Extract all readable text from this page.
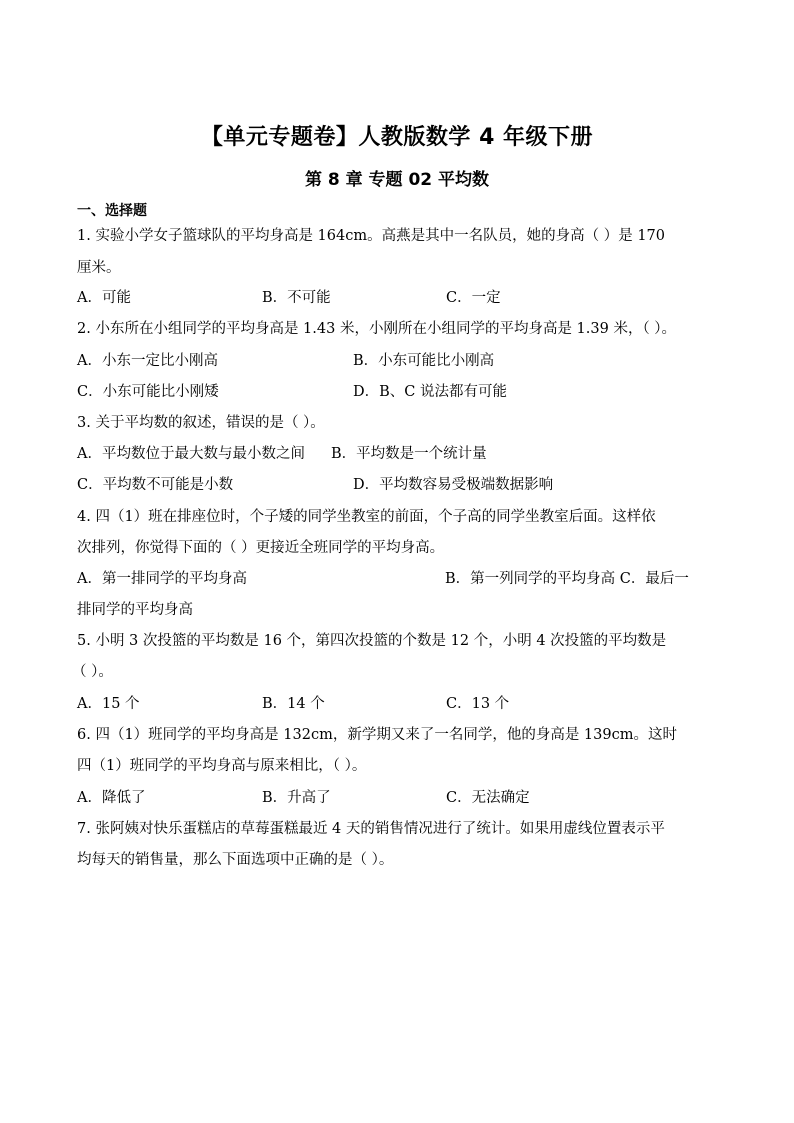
【单元专题卷】人教版数学 4 年级下册
第 8 章 专题 02 平均数
一、选择题
1. 实验小学女子篮球队的平均身高是 164cm。高燕是其中一名队员，她的身高（ ）是 170
厘米。
A．可能	B．不可能	C．一定
2. 小东所在小组同学的平均身高是 1.43 米，小刚所在小组同学的平均身高是 1.39 米，（ ）。
A．小东一定比小刚高	B．小东可能比小刚高
C．小东可能比小刚矮	D．B、C 说法都有可能
3. 关于平均数的叙述，错误的是（ ）。
A．平均数位于最大数与最小数之间 B．平均数是一个统计量
C．平均数不可能是小数	D．平均数容易受极端数据影响
4. 四（1）班在排座位时，个子矮的同学坐教室的前面，个子高的同学坐教室后面。这样依
次排列，你觉得下面的（ ）更接近全班同学的平均身高。
A．第一排同学的平均身高	B．第一列同学的平均身高 C．最后一
排同学的平均身高
5. 小明 3 次投篮的平均数是 16 个，第四次投篮的个数是 12 个，小明 4 次投篮的平均数是
（ ）。
A．15 个	B．14 个	C．13 个
6. 四（1）班同学的平均身高是 132cm，新学期又来了一名同学，他的身高是 139cm。这时
四（1）班同学的平均身高与原来相比，（ ）。
A．降低了	B．升高了	C．无法确定
7. 张阿姨对快乐蛋糕店的草莓蛋糕最近 4 天的销售情况进行了统计。如果用虚线位置表示平
均每天的销售量，那么下面选项中正确的是（ ）。
